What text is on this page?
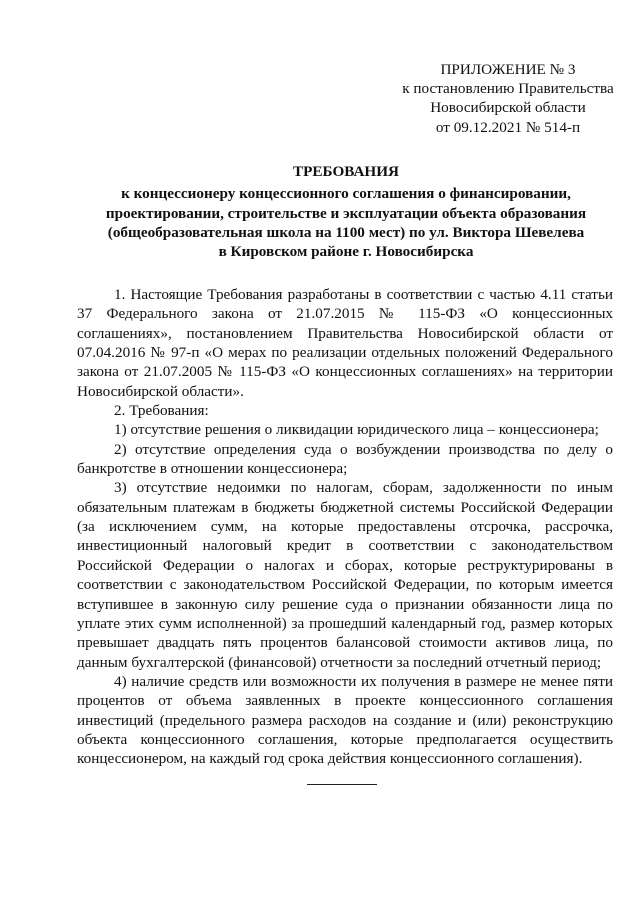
ПРИЛОЖЕНИЕ № 3
к постановлению Правительства
Новосибирской области
от 09.12.2021 № 514-п
ТРЕБОВАНИЯ
к концессионеру концессионного соглашения о финансировании,
проектировании, строительстве и эксплуатации объекта образования
(общеобразовательная школа на 1100 мест) по ул. Виктора Шевелева
в Кировском районе г. Новосибирска

1. Настоящие Требования разработаны в соответствии с частью 4.11 статьи 37 Федерального закона от 21.07.2015 № 115-ФЗ «О концессионных соглашениях», постановлением Правительства Новосибирской области от 07.04.2016 № 97-п «О мерах по реализации отдельных положений Федерального закона от 21.07.2005 № 115-ФЗ «О концессионных соглашениях» на территории Новосибирской области».

2. Требования:

1) отсутствие решения о ликвидации юридического лица – концессионера;

2) отсутствие определения суда о возбуждении производства по делу о банкротстве в отношении концессионера;

3) отсутствие недоимки по налогам, сборам, задолженности по иным обязательным платежам в бюджеты бюджетной системы Российской Федерации (за исключением сумм, на которые предоставлены отсрочка, рассрочка, инвестиционный налоговый кредит в соответствии с законодательством Российской Федерации о налогах и сборах, которые реструктурированы в соответствии с законодательством Российской Федерации, по которым имеется вступившее в законную силу решение суда о признании обязанности лица по уплате этих сумм исполненной) за прошедший календарный год, размер которых превышает двадцать пять процентов балансовой стоимости активов лица, по данным бухгалтерской (финансовой) отчетности за последний отчетный период;

4) наличие средств или возможности их получения в размере не менее пяти процентов от объема заявленных в проекте концессионного соглашения инвестиций (предельного размера расходов на создание и (или) реконструкцию объекта концессионного соглашения, которые предполагается осуществить концессионером, на каждый год срока действия концессионного соглашения).
